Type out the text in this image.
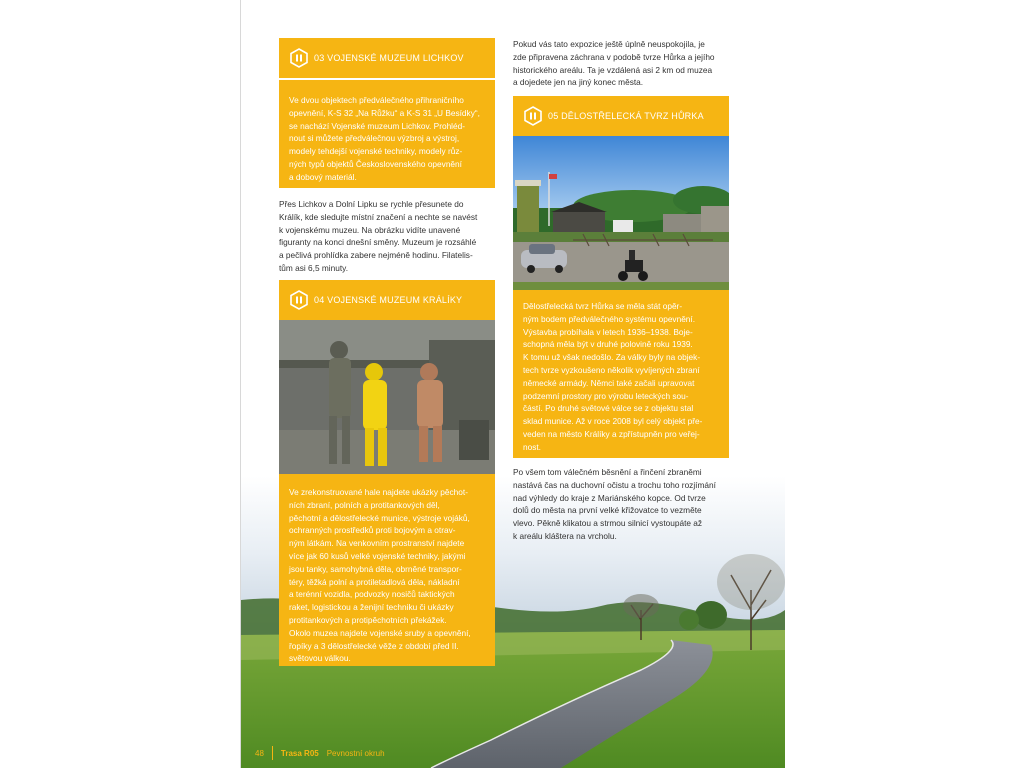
03 VOJENSKÉ MUZEUM LICHKOV
Ve dvou objektech předválečného přihraničního
opevnění, K-S 32 „Na Růžku“ a K-S 31 „U Besídky“,
se nachází Vojenské muzeum Lichkov. Prohléd-
nout si můžete předválečnou výzbroj a výstroj,
modely tehdejší vojenské techniky, modely růz-
ných typů objektů Československého opevnění
a dobový materiál.
Přes Lichkov a Dolní Lipku se rychle přesunete do
Králík, kde sledujte místní značení a nechte se navést
k vojenskému muzeu. Na obrázku vidíte unavené
figuranty na konci dnešní směny. Muzeum je rozsáhlé
a pečlivá prohlídka zabere nejméně hodinu. Filatelis-
tům asi 6,5 minuty.
04 VOJENSKÉ MUZEUM KRÁLÍKY
Ve zrekonstruované hale najdete ukázky pěchot-
ních zbraní, polních a protitankových děl,
pěchotní a dělostřelecké munice, výstroje vojáků,
ochranných prostředků proti bojovým a otrav-
ným látkám. Na venkovním prostranství najdete
více jak 60 kusů velké vojenské techniky, jakými
jsou tanky, samohybná děla, obrněné transpor-
téry, těžká polní a protiletadlová děla, nákladní
a terénní vozidla, podvozky nosičů taktických
raket, logistickou a ženijní techniku či ukázky
protitankových a protipěchotních překážek.
Okolo muzea najdete vojenské sruby a opevnění,
řopíky a 3 dělostřelecké věže z období před II.
světovou válkou.
Pokud vás tato expozice ještě úplně neuspokojila, je
zde připravena záchrana v podobě tvrze Hůrka a jejího
historického areálu. Ta je vzdálená asi 2 km od muzea
a dojedete jen na jiný konec města.
05 DĚLOSTŘELECKÁ TVRZ HŮRKA
Dělostřelecká tvrz Hůrka se měla stát opěr-
ným bodem předválečného systému opevnění.
Výstavba probíhala v letech 1936–1938. Boje-
schopná měla být v druhé polovině roku 1939.
K tomu už však nedošlo. Za války byly na objek-
tech tvrze vyzkoušeno několik vyvíjených zbraní
německé armády. Němci také začali upravovat
podzemní prostory pro výrobu leteckých sou-
částí. Po druhé světové válce se z objektu stal
sklad munice. Až v roce 2008 byl celý objekt pře-
veden na město Králíky a zpřístupněn pro veřej-
nost.
Po všem tom válečném běsnění a řinčení zbraněmi
nastává čas na duchovní očistu a trochu toho rozjímání
nad výhledy do kraje z Mariánského kopce. Od tvrze
dolů do města na první velké křižovatce to vezměte
vlevo. Pěkně klikatou a strmou silnicí vystoupáte až
k areálu kláštera na vrcholu.
48 Trasa R05 Pevnostní okruh
